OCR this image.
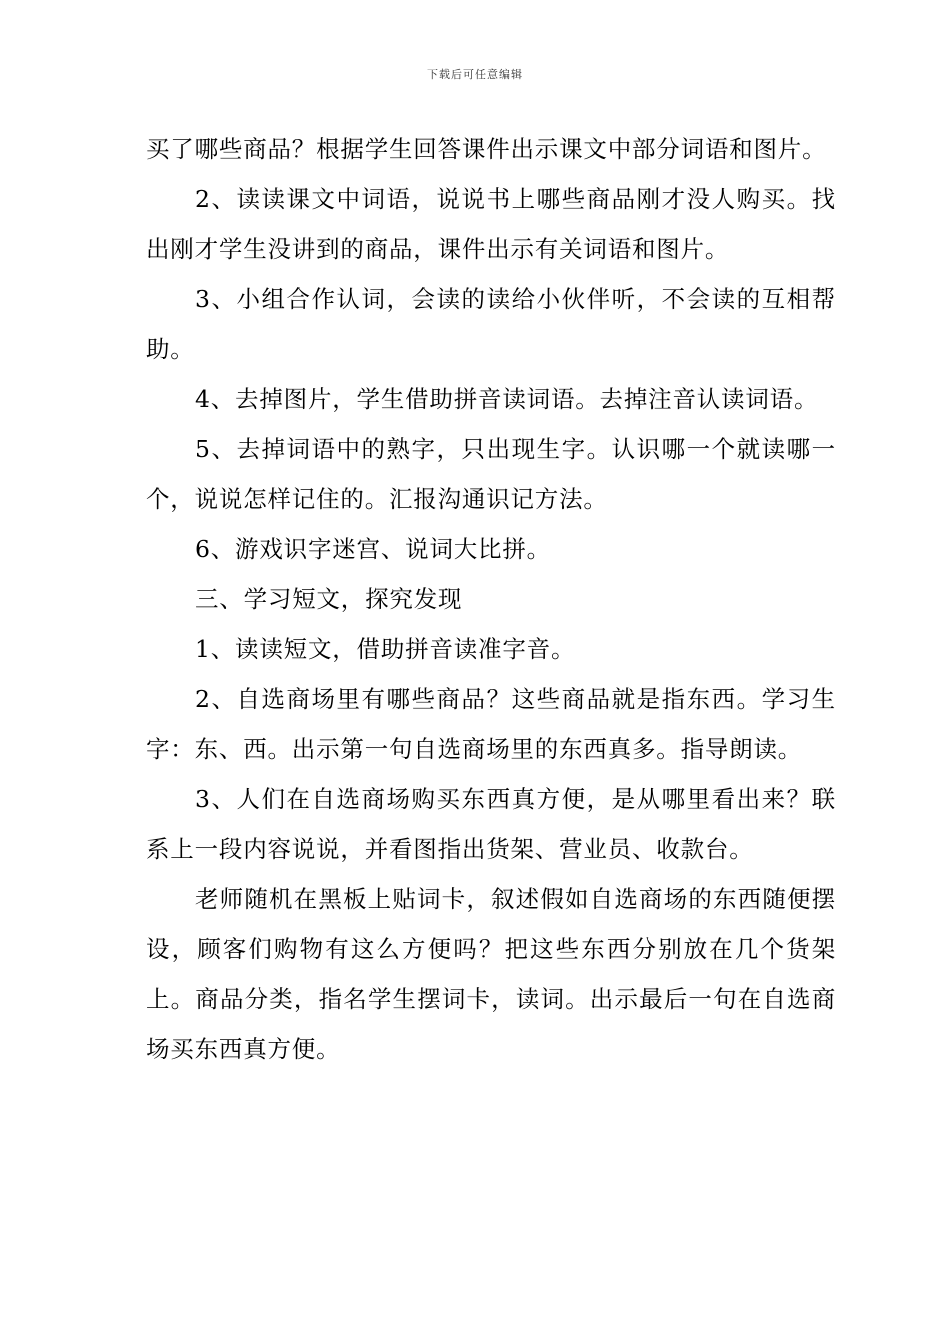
下载后可任意编辑

买了哪些商品？根据学生回答课件出示课文中部分词语和图片。

2、读读课文中词语，说说书上哪些商品刚才没人购买。找出刚才学生没讲到的商品，课件出示有关词语和图片。

3、小组合作认词，会读的读给小伙伴听，不会读的互相帮助。

4、去掉图片，学生借助拼音读词语。去掉注音认读词语。

5、去掉词语中的熟字，只出现生字。认识哪一个就读哪一个，说说怎样记住的。汇报沟通识记方法。

6、游戏识字迷宫、说词大比拼。

三、学习短文，探究发现

1、读读短文，借助拼音读准字音。

2、自选商场里有哪些商品？这些商品就是指东西。学习生字：东、西。出示第一句自选商场里的东西真多。指导朗读。

3、人们在自选商场购买东西真方便，是从哪里看出来？联系上一段内容说说，并看图指出货架、营业员、收款台。

老师随机在黑板上贴词卡，叙述假如自选商场的东西随便摆设，顾客们购物有这么方便吗？把这些东西分别放在几个货架上。商品分类，指名学生摆词卡，读词。出示最后一句在自选商场买东西真方便。
